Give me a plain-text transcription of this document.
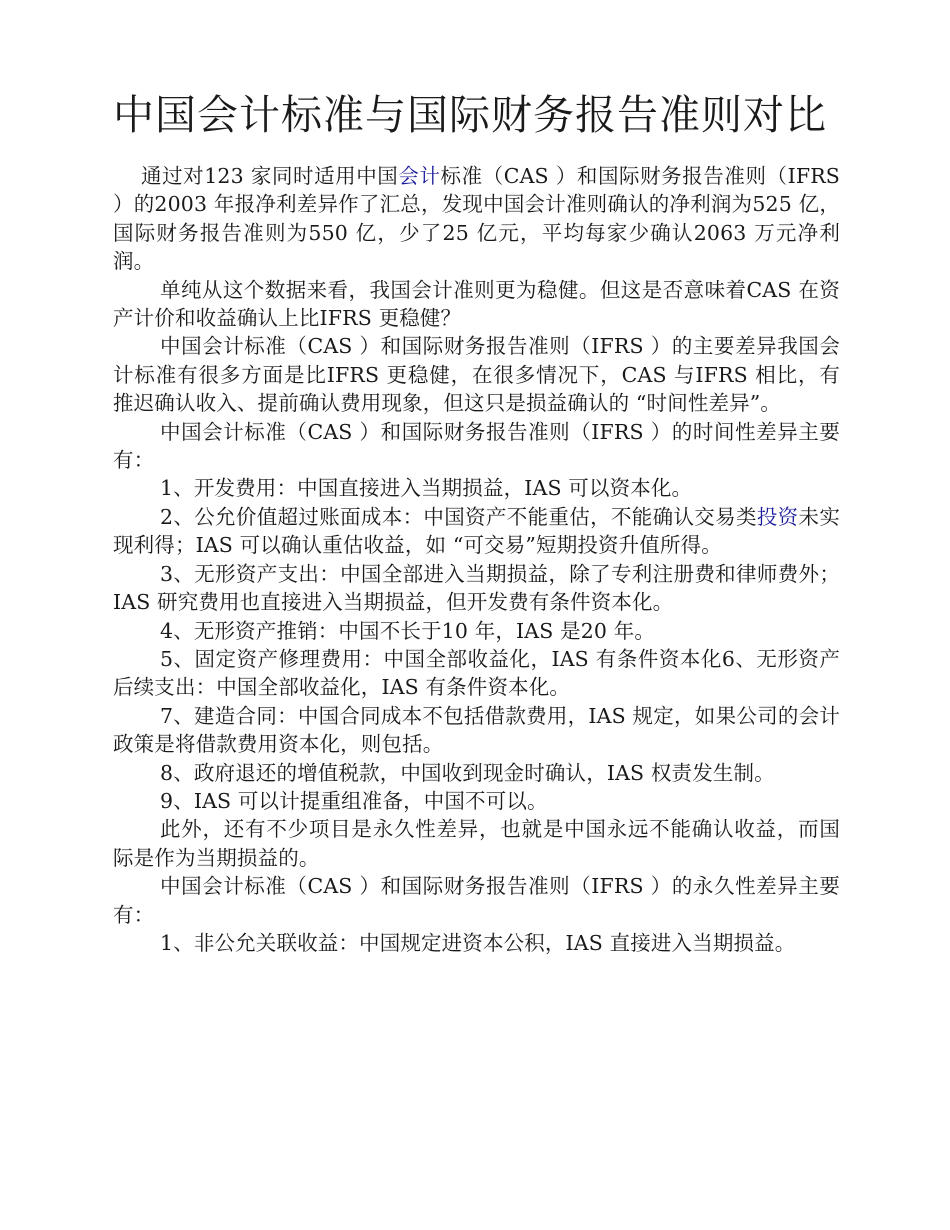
中国会计标准与国际财务报告准则对比

通过对123 家同时适用中国会计标准（CAS ）和国际财务报告准则（IFRS ）的2003 年报净利差异作了汇总，发现中国会计准则确认的净利润为525 亿，国际财务报告准则为550 亿，少了25 亿元，平均每家少确认2063 万元净利润。

单纯从这个数据来看，我国会计准则更为稳健。但这是否意味着CAS 在资产计价和收益确认上比IFRS 更稳健？

中国会计标准（CAS ）和国际财务报告准则（IFRS ）的主要差异我国会计标准有很多方面是比IFRS 更稳健，在很多情况下，CAS 与IFRS 相比，有推迟确认收入、提前确认费用现象，但这只是损益确认的 “时间性差异”。

中国会计标准（CAS ）和国际财务报告准则（IFRS ）的时间性差异主要有：

1、开发费用：中国直接进入当期损益，IAS 可以资本化。

2、公允价值超过账面成本：中国资产不能重估，不能确认交易类投资未实现利得；IAS 可以确认重估收益，如 “可交易”短期投资升值所得。

3、无形资产支出：中国全部进入当期损益，除了专利注册费和律师费外；IAS 研究费用也直接进入当期损益，但开发费有条件资本化。

4、无形资产推销：中国不长于10 年，IAS 是20 年。

5、固定资产修理费用：中国全部收益化，IAS 有条件资本化6、无形资产后续支出：中国全部收益化，IAS 有条件资本化。

7、建造合同：中国合同成本不包括借款费用，IAS 规定，如果公司的会计政策是将借款费用资本化，则包括。

8、政府退还的增值税款，中国收到现金时确认，IAS 权责发生制。

9、IAS 可以计提重组准备，中国不可以。

此外，还有不少项目是永久性差异，也就是中国永远不能确认收益，而国际是作为当期损益的。

中国会计标准（CAS ）和国际财务报告准则（IFRS ）的永久性差异主要有：

1、非公允关联收益：中国规定进资本公积，IAS 直接进入当期损益。
